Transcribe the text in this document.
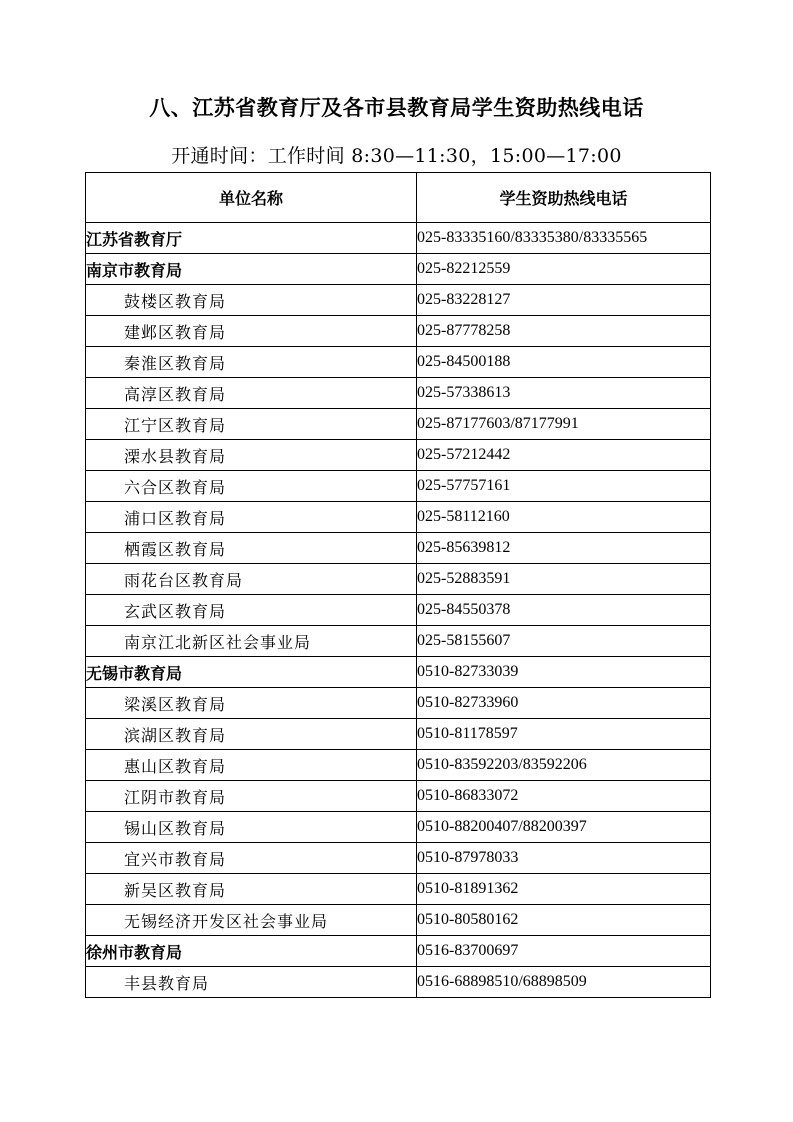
八、江苏省教育厅及各市县教育局学生资助热线电话
开通时间：工作时间 8:30—11:30，15:00—17:00
单位名称	学生资助热线电话
江苏省教育厅	025-83335160/83335380/83335565
南京市教育局	025-82212559
鼓楼区教育局	025-83228127
建邺区教育局	025-87778258
秦淮区教育局	025-84500188
高淳区教育局	025-57338613
江宁区教育局	025-87177603/87177991
溧水县教育局	025-57212442
六合区教育局	025-57757161
浦口区教育局	025-58112160
栖霞区教育局	025-85639812
雨花台区教育局	025-52883591
玄武区教育局	025-84550378
南京江北新区社会事业局	025-58155607
无锡市教育局	0510-82733039
梁溪区教育局	0510-82733960
滨湖区教育局	0510-81178597
惠山区教育局	0510-83592203/83592206
江阴市教育局	0510-86833072
锡山区教育局	0510-88200407/88200397
宜兴市教育局	0510-87978033
新吴区教育局	0510-81891362
无锡经济开发区社会事业局	0510-80580162
徐州市教育局	0516-83700697
丰县教育局	0516-68898510/68898509
